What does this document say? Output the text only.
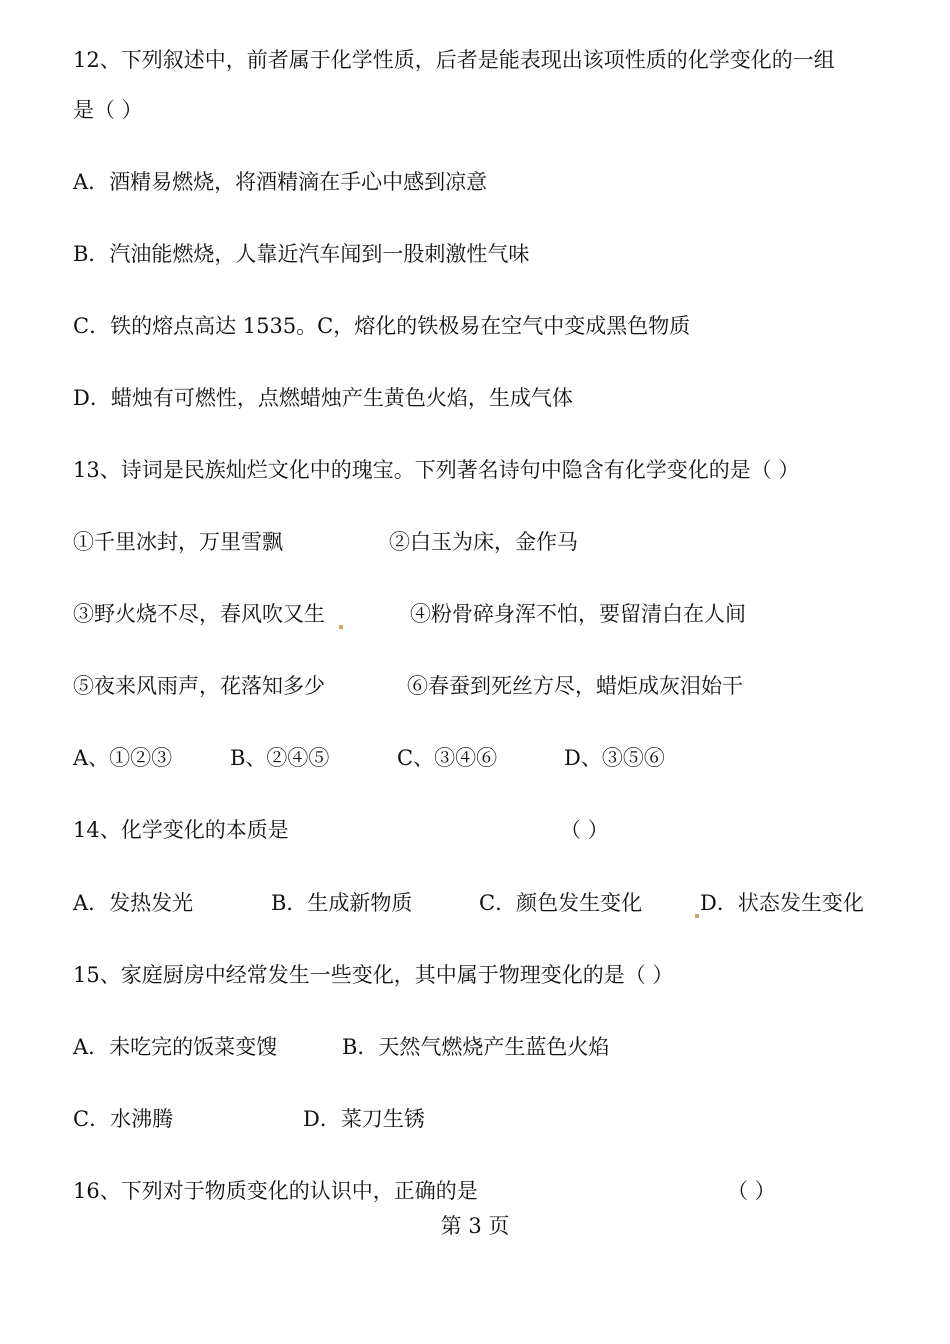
12、下列叙述中，前者属于化学性质，后者是能表现出该项性质的化学变化的一组
是（ ）
A．酒精易燃烧，将酒精滴在手心中感到凉意
B．汽油能燃烧，人靠近汽车闻到一股刺激性气味
C．铁的熔点高达 1535。C，熔化的铁极易在空气中变成黑色物质
D．蜡烛有可燃性，点燃蜡烛产生黄色火焰，生成气体
13、诗词是民族灿烂文化中的瑰宝。下列著名诗句中隐含有化学变化的是（ ）
①千里冰封，万里雪飘	②白玉为床，金作马
③野火烧不尽，春风吹又生	④粉骨碎身浑不怕，要留清白在人间
⑤夜来风雨声，花落知多少	⑥春蚕到死丝方尽，蜡炬成灰泪始干
A、①②③	B、②④⑤	C、③④⑥	D、③⑤⑥
14、化学变化的本质是	（ ）
A．发热发光	B．生成新物质	C．颜色发生变化	D．状态发生变化
15、家庭厨房中经常发生一些变化，其中属于物理变化的是（ ）
A．未吃完的饭菜变馊	B．天然气燃烧产生蓝色火焰
C．水沸腾	D．菜刀生锈
16、下列对于物质变化的认识中，正确的是	（ ）
第 3 页
